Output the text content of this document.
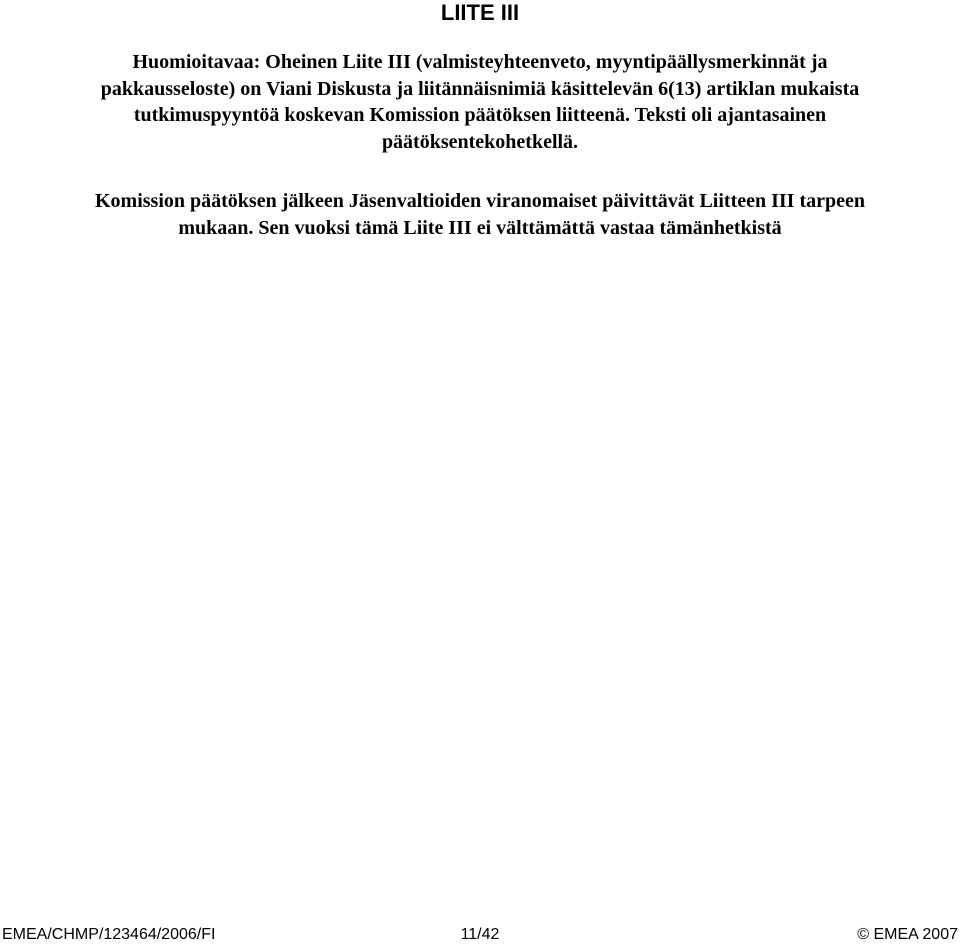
LIITE III
Huomioitavaa: Oheinen Liite III (valmisteyhteenveto, myyntipäällysmerkinnät ja
pakkausseloste) on Viani Diskusta ja liitännäisnimiä käsittelevän 6(13) artiklan mukaista
tutkimuspyyntöä koskevan Komission päätöksen liitteenä. Teksti oli ajantasainen
päätöksentekohetkellä.
Komission päätöksen jälkeen Jäsenvaltioiden viranomaiset päivittävät Liitteen III tarpeen
mukaan. Sen vuoksi tämä Liite III ei välttämättä vastaa tämänhetkistä
EMEA/CHMP/123464/2006/FI	11/42	© EMEA 2007
